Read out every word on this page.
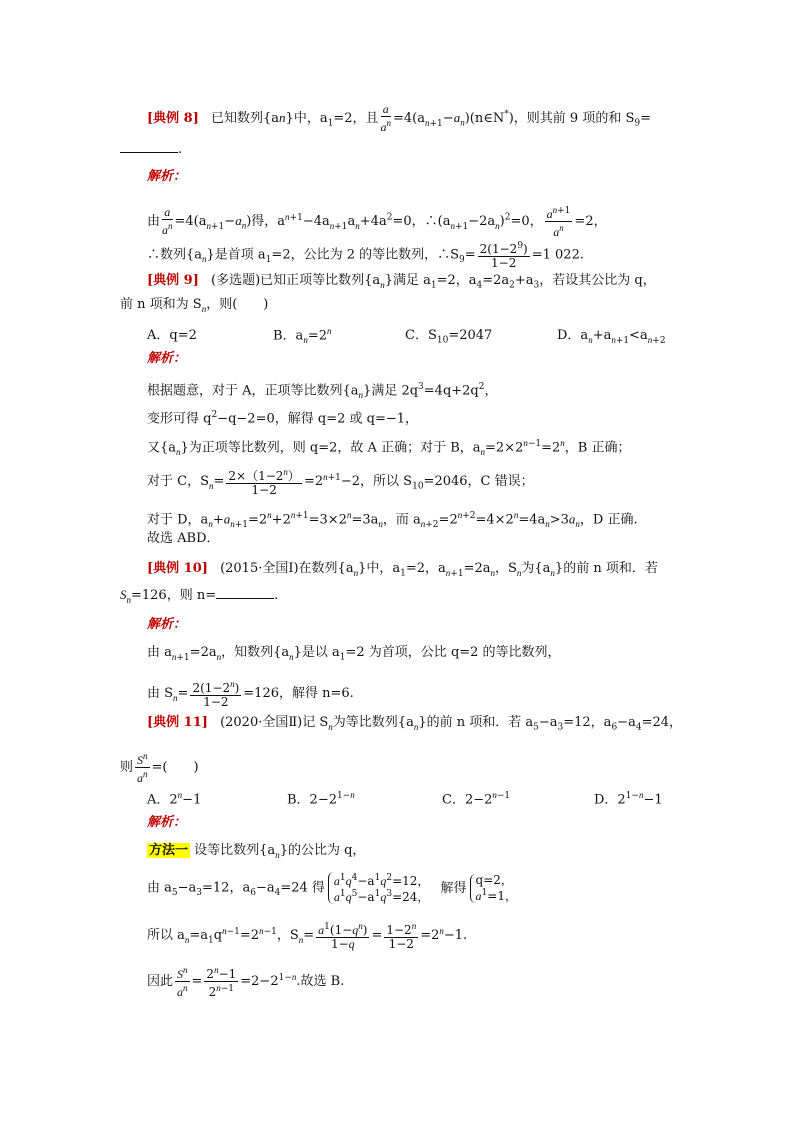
[典例 8] 已知数列{an}中，$a_1=2$，且 $\frac{a}{a^n}$ $=4(a_{n+1}-a_n)(n\in N^*)$，则其前 9 项的和 $S_9=$
.
解析：
由 $\frac{a}{a^n} =4(a_{n+1}-a_n)$得，$a^{n+1}-4a_{n+1}a_n+4a^2=0$，$\therefore(a_{n+1}-2a_n)^2=0$， $\frac{a^{n+1}}{a^n} =2$，
∴数列$\{a_n\}$是首项 $a_1=2$，公比为 2 的等比数列，$\therefore S_9= \frac{2(1-2^9)}{1-2} =1$ 022.
[典例 9] (多选题)已知正项等比数列$\{a_n\}$满足 $a_1=2$，$a_4=2a_2+a_3$，若设其公比为 q，
前 n 项和为 $S_n$，则(　　)
A．q=2	B．$a_n=2^n$	C．$S_{10}=2047$	D．$a_n+a_{n+1}<a_{n+2}$
解析：
根据题意，对于 A，正项等比数列$\{a_n\}$满足 $2q^3=4q+2q^2$，
变形可得 $q^2-q-2=0$，解得 q=2 或 q=−1，
又$\{a_n\}$为正项等比数列，则 q=2，故 A 正确；对于 B，$a_n=2\times 2^{n-1}=2^n$，B 正确；
对于 C，$S_n= \frac{2\times(1-2^n)}{1-2} =2^{n+1}-2$，所以 $S_{10}=2046$，C 错误；
对于 D，$a_n+a_{n+1}=2^n+2^{n+1}=3\times 2^n=3a_n$，而 $a_{n+2}=2^{n+2}=4\times 2^n=4a_n>3a_n$，D 正确.
故选 ABD．
[典例 10] (2015·全国Ⅰ)在数列$\{a_n\}$中，$a_1=2$，$a_{n+1}=2a_n$，$S_n$为$\{a_n\}$的前 n 项和．若
$S_n=126$，则 n=	.
解析：
由 $a_{n+1}=2a_n$，知数列$\{a_n\}$是以 $a_1=2$ 为首项，公比 q=2 的等比数列，
由 $S_n= \frac{2(1-2^n)}{1-2} =126$，解得 n=6.
[典例 11] (2020·全国Ⅱ)记 $S_n$为等比数列$\{a_n\}$的前 n 项和．若 $a_5-a_3=12$，$a_6-a_4=24$，
则 $\frac{S^n}{a^n}$ =(　　)
A．$2^n-1$	B．$2-2^{1-n}$	C．$2-2^{n-1}$	D．$2^{1-n}-1$
解析：
方法一 设等比数列$\{a_n\}$的公比为 q，
由 $a_5-a_3=12$，$a_6-a_4=24$ 得 $a^1q^4-a^1q^2=12$，
$a^1q^5-a^1q^3=24$，
解得
q=2，
$a^1=1$，
所以 $a_n=a_1q^{n-1}=2^{n-1}$，$S_n= \frac{a^1(1-q^n)}{1-q} = \frac{1-2^n}{1-2} =2^n-1$.
因此 $\frac{S^n}{a^n} = \frac{2^n-1}{2^{n-1}} =2-2^{1-n}$.故选 B.
